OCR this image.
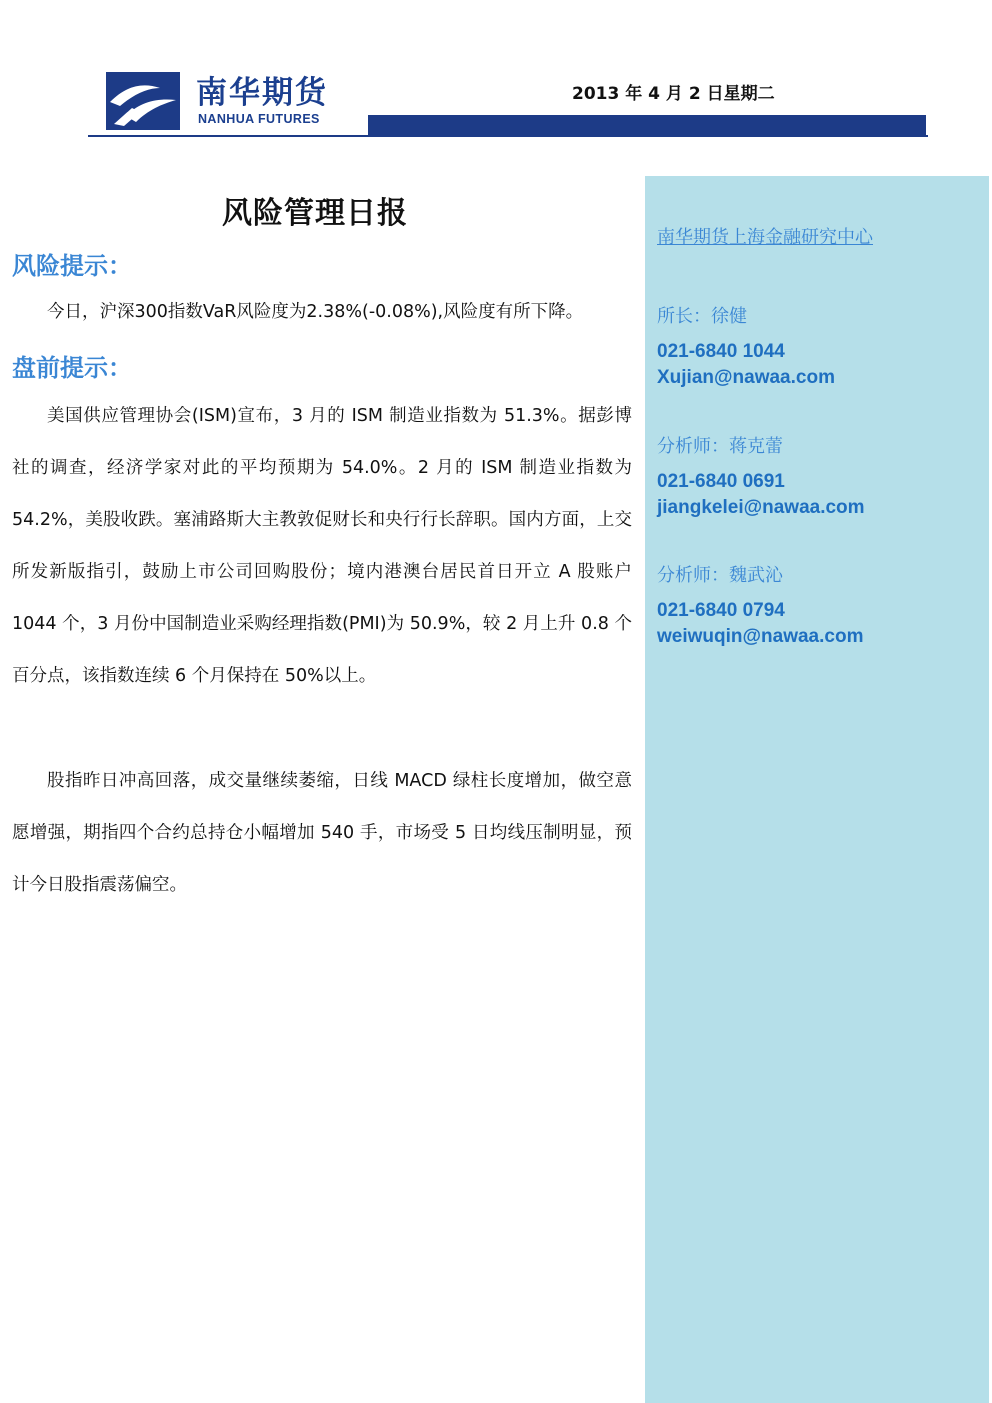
南华期货
NANHUA FUTURES
2013 年 4 月 2 日星期二
风险管理日报
风险提示：

今日，沪深300指数VaR风险度为2.38%(-0.08%),风险度有所下降。

盘前提示：

美国供应管理协会(ISM)宣布，3 月的 ISM 制造业指数为 51.3%。据彭博社的调查，经济学家对此的平均预期为 54.0%。2 月的 ISM 制造业指数为 54.2%，美股收跌。塞浦路斯大主教敦促财长和央行行长辞职。国内方面，上交所发新版指引，鼓励上市公司回购股份；境内港澳台居民首日开立 A 股账户 1044 个，3 月份中国制造业采购经理指数(PMI)为 50.9%，较 2 月上升 0.8 个百分点，该指数连续 6 个月保持在 50%以上。

股指昨日冲高回落，成交量继续萎缩，日线 MACD 绿柱长度增加，做空意愿增强，期指四个合约总持仓小幅增加 540 手，市场受 5 日均线压制明显，预计今日股指震荡偏空。

南华期货上海金融研究中心
所长：徐健
021-6840 1044
Xujian@nawaa.com
分析师：蒋克蕾
021-6840 0691
jiangkelei@nawaa.com
分析师：魏武沁
021-6840 0794
weiwuqin@nawaa.com
